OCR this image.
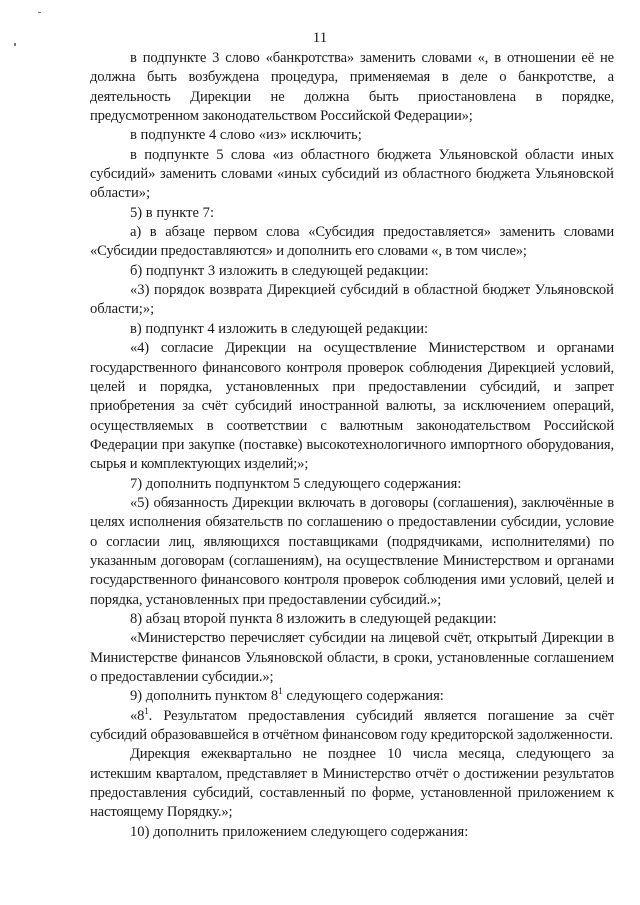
11

в подпункте 3 слово «банкротства» заменить словами «, в отношении её не должна быть возбуждена процедура, применяемая в деле о банкротстве, а деятельность Дирекции не должна быть приостановлена в порядке, предусмотренном законодательством Российской Федерации»;

в подпункте 4 слово «из» исключить;

в подпункте 5 слова «из областного бюджета Ульяновской области иных субсидий» заменить словами «иных субсидий из областного бюджета Ульяновской области»;

5) в пункте 7:

а) в абзаце первом слова «Субсидия предоставляется» заменить словами «Субсидии предоставляются» и дополнить его словами «, в том числе»;

б) подпункт 3 изложить в следующей редакции:

«3) порядок возврата Дирекцией субсидий в областной бюджет Ульяновской области;»;

в) подпункт 4 изложить в следующей редакции:

«4) согласие Дирекции на осуществление Министерством и органами государственного финансового контроля проверок соблюдения Дирекцией условий, целей и порядка, установленных при предоставлении субсидий, и запрет приобретения за счёт субсидий иностранной валюты, за исключением операций, осуществляемых в соответствии с валютным законодательством Российской Федерации при закупке (поставке) высокотехнологичного импортного оборудования, сырья и комплектующих изделий;»;

7) дополнить подпунктом 5 следующего содержания:

«5) обязанность Дирекции включать в договоры (соглашения), заключённые в целях исполнения обязательств по соглашению о предоставлении субсидии, условие о согласии лиц, являющихся поставщиками (подрядчиками, исполнителями) по указанным договорам (соглашениям), на осуществление Министерством и органами государственного финансового контроля проверок соблюдения ими условий, целей и порядка, установленных при предоставлении субсидий.»;

8) абзац второй пункта 8 изложить в следующей редакции:

«Министерство перечисляет субсидии на лицевой счёт, открытый Дирекции в Министерстве финансов Ульяновской области, в сроки, установленные соглашением о предоставлении субсидии.»;

9) дополнить пунктом $8^1$ следующего содержания:

«$8^1$. Результатом предоставления субсидий является погашение за счёт субсидий образовавшейся в отчётном финансовом году кредиторской задолженности.

Дирекция ежеквартально не позднее 10 числа месяца, следующего за истекшим кварталом, представляет в Министерство отчёт о достижении результатов предоставления субсидий, составленный по форме, установленной приложением к настоящему Порядку.»;

10) дополнить приложением следующего содержания:
